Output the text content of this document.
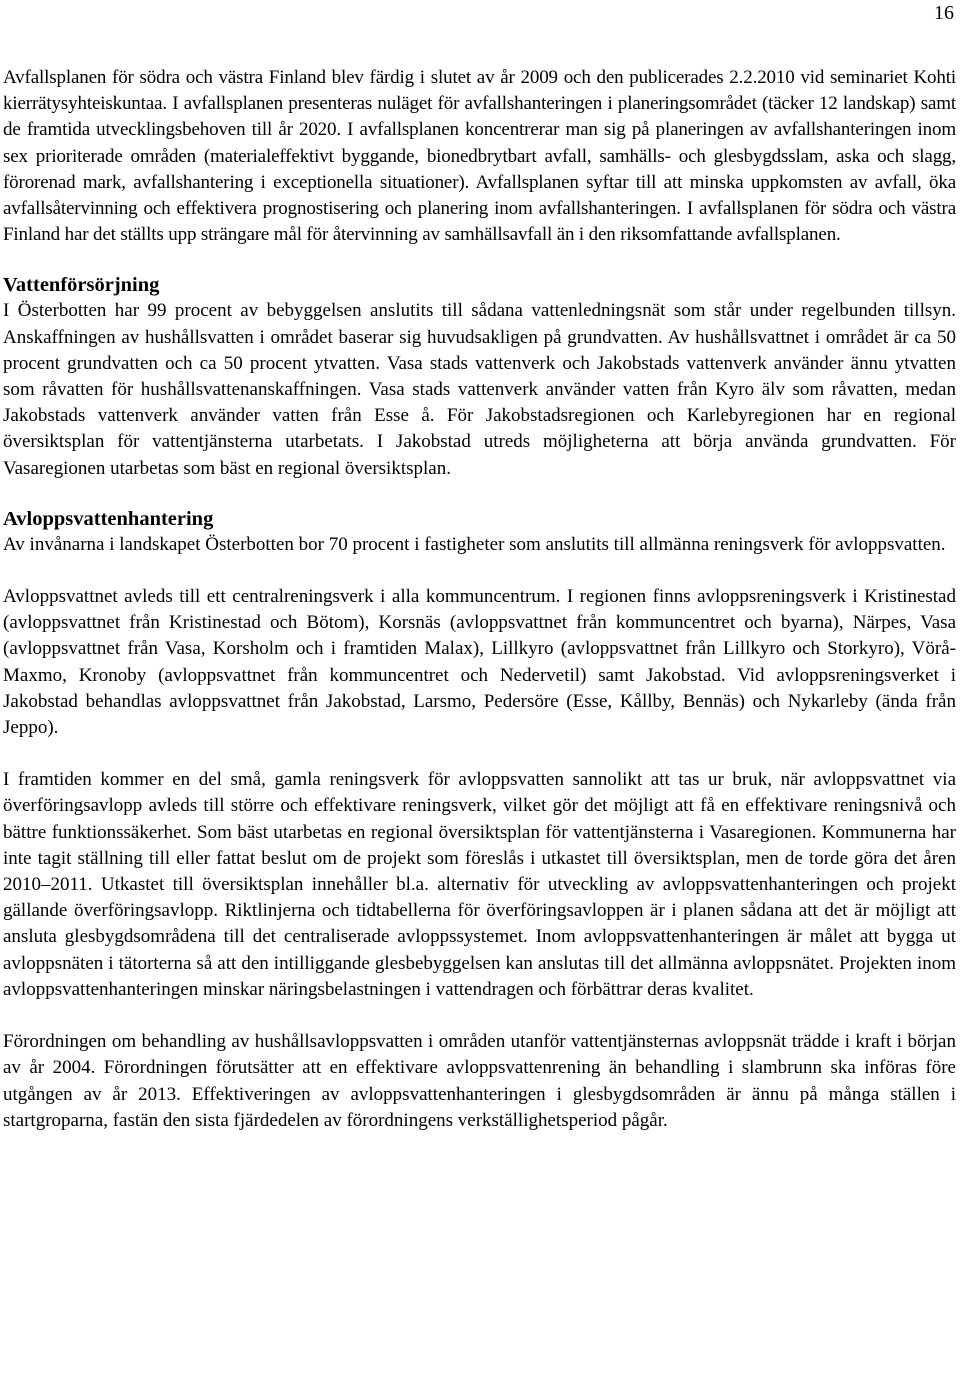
16

Avfallsplanen för södra och västra Finland blev färdig i slutet av år 2009 och den publicerades 2.2.2010 vid seminariet Kohti kierrätysyhteiskuntaa. I avfallsplanen presenteras nuläget för avfallshanteringen i planeringsområdet (täcker 12 landskap) samt de framtida utvecklingsbehoven till år 2020. I avfallsplanen koncentrerar man sig på planeringen av avfallshanteringen inom sex prioriterade områden (materialeffektivt byggande, bionedbrytbart avfall, samhälls- och glesbygdsslam, aska och slagg, förorenad mark, avfallshantering i exceptionella situationer). Avfallsplanen syftar till att minska uppkomsten av avfall, öka avfallsåtervinning och effektivera prognostisering och planering inom avfallshanteringen. I avfallsplanen för södra och västra Finland har det ställts upp strängare mål för återvinning av samhällsavfall än i den riksomfattande avfallsplanen.

Vattenförsörjning

I Österbotten har 99 procent av bebyggelsen anslutits till sådana vattenledningsnät som står under regelbunden tillsyn. Anskaffningen av hushållsvatten i området baserar sig huvudsakligen på grundvatten. Av hushållsvattnet i området är ca 50 procent grundvatten och ca 50 procent ytvatten. Vasa stads vattenverk och Jakobstads vattenverk använder ännu ytvatten som råvatten för hushållsvattenanskaffningen. Vasa stads vattenverk använder vatten från Kyro älv som råvatten, medan Jakobstads vattenverk använder vatten från Esse å. För Jakobstadsregionen och Karlebyregionen har en regional översiktsplan för vattentjänsterna utarbetats. I Jakobstad utreds möjligheterna att börja använda grundvatten. För Vasaregionen utarbetas som bäst en regional översiktsplan.

Avloppsvattenhantering

Av invånarna i landskapet Österbotten bor 70 procent i fastigheter som anslutits till allmänna reningsverk för avloppsvatten.

Avloppsvattnet avleds till ett centralreningsverk i alla kommuncentrum. I regionen finns avloppsreningsverk i Kristinestad (avloppsvattnet från Kristinestad och Bötom), Korsnäs (avloppsvattnet från kommuncentret och byarna), Närpes, Vasa (avloppsvattnet från Vasa, Korsholm och i framtiden Malax), Lillkyro (avloppsvattnet från Lillkyro och Storkyro), Vörå-Maxmo, Kronoby (avloppsvattnet från kommuncentret och Nedervetil) samt Jakobstad. Vid avloppsreningsverket i Jakobstad behandlas avloppsvattnet från Jakobstad, Larsmo, Pedersöre (Esse, Kållby, Bennäs) och Nykarleby (ända från Jeppo).

I framtiden kommer en del små, gamla reningsverk för avloppsvatten sannolikt att tas ur bruk, när avloppsvattnet via överföringsavlopp avleds till större och effektivare reningsverk, vilket gör det möjligt att få en effektivare reningsnivå och bättre funktionssäkerhet. Som bäst utarbetas en regional översiktsplan för vattentjänsterna i Vasaregionen. Kommunerna har inte tagit ställning till eller fattat beslut om de projekt som föreslås i utkastet till översiktsplan, men de torde göra det åren 2010–2011. Utkastet till översiktsplan innehåller bl.a. alternativ för utveckling av avloppsvattenhanteringen och projekt gällande överföringsavlopp. Riktlinjerna och tidtabellerna för överföringsavloppen är i planen sådana att det är möjligt att ansluta glesbygdsområdena till det centraliserade avloppssystemet. Inom avloppsvattenhanteringen är målet att bygga ut avloppsnäten i tätorterna så att den intilliggande glesbebyggelsen kan anslutas till det allmänna avloppsnätet. Projekten inom avloppsvattenhanteringen minskar näringsbelastningen i vattendragen och förbättrar deras kvalitet.

Förordningen om behandling av hushållsavloppsvatten i områden utanför vattentjänsternas avloppsnät trädde i kraft i början av år 2004. Förordningen förutsätter att en effektivare avloppsvattenrening än behandling i slambrunn ska införas före utgången av år 2013. Effektiveringen av avloppsvattenhanteringen i glesbygdsområden är ännu på många ställen i startgroparna, fastän den sista fjärdedelen av förordningens verkställighetsperiod pågår.
